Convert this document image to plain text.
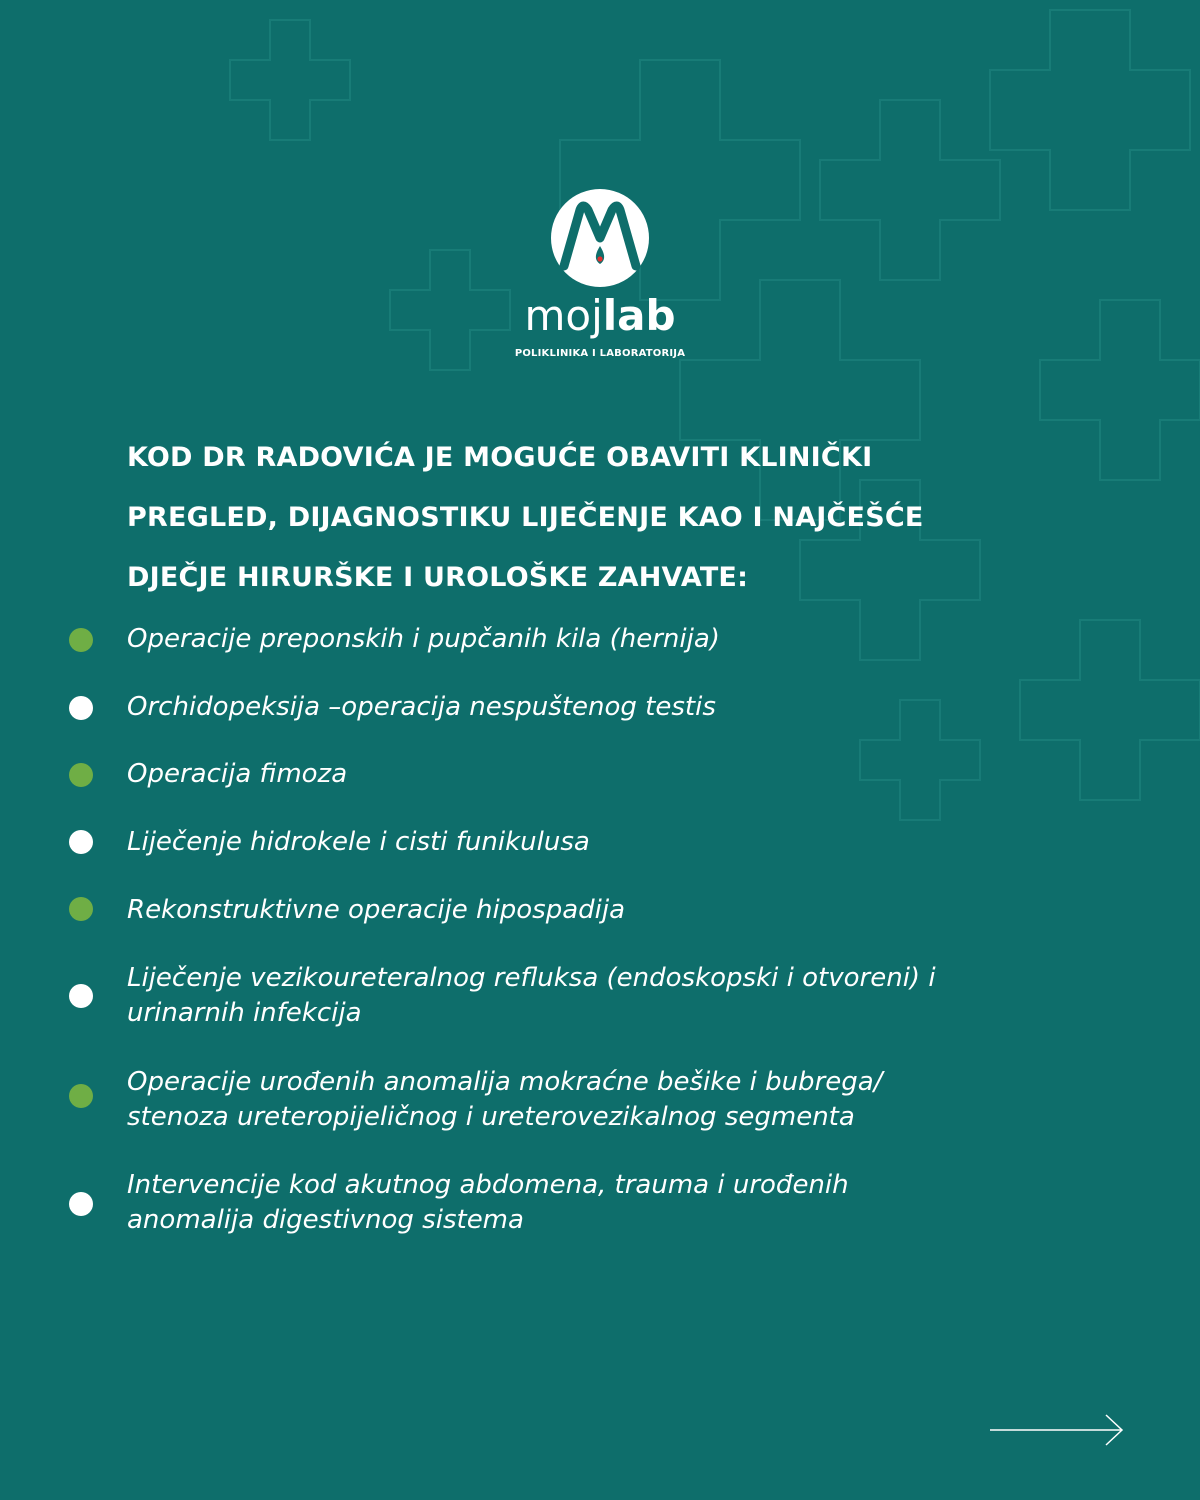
mojlab
POLIKLINIKA I LABORATORIJA
KOD DR RADOVIĆA JE MOGUĆE OBAVITI KLINIČKI
PREGLED, DIJAGNOSTIKU LIJEČENJE KAO I NAJČEŠĆE
DJEČJE HIRURŠKE I UROLOŠKE ZAHVATE:
Operacije preponskih i pupčanih kila (hernija)
Orchidopeksija –operacija nespuštenog testis
Operacija fimoza
Liječenje hidrokele i cisti funikulusa
Rekonstruktivne operacije hipospadija
Liječenje vezikoureteralnog refluksa (endoskopski i otvoreni) i
urinarnih infekcija
Operacije urođenih anomalija mokraćne bešike i bubrega/
stenoza ureteropijeličnog i ureterovezikalnog segmenta
Intervencije kod akutnog abdomena, trauma i urođenih
anomalija digestivnog sistema
